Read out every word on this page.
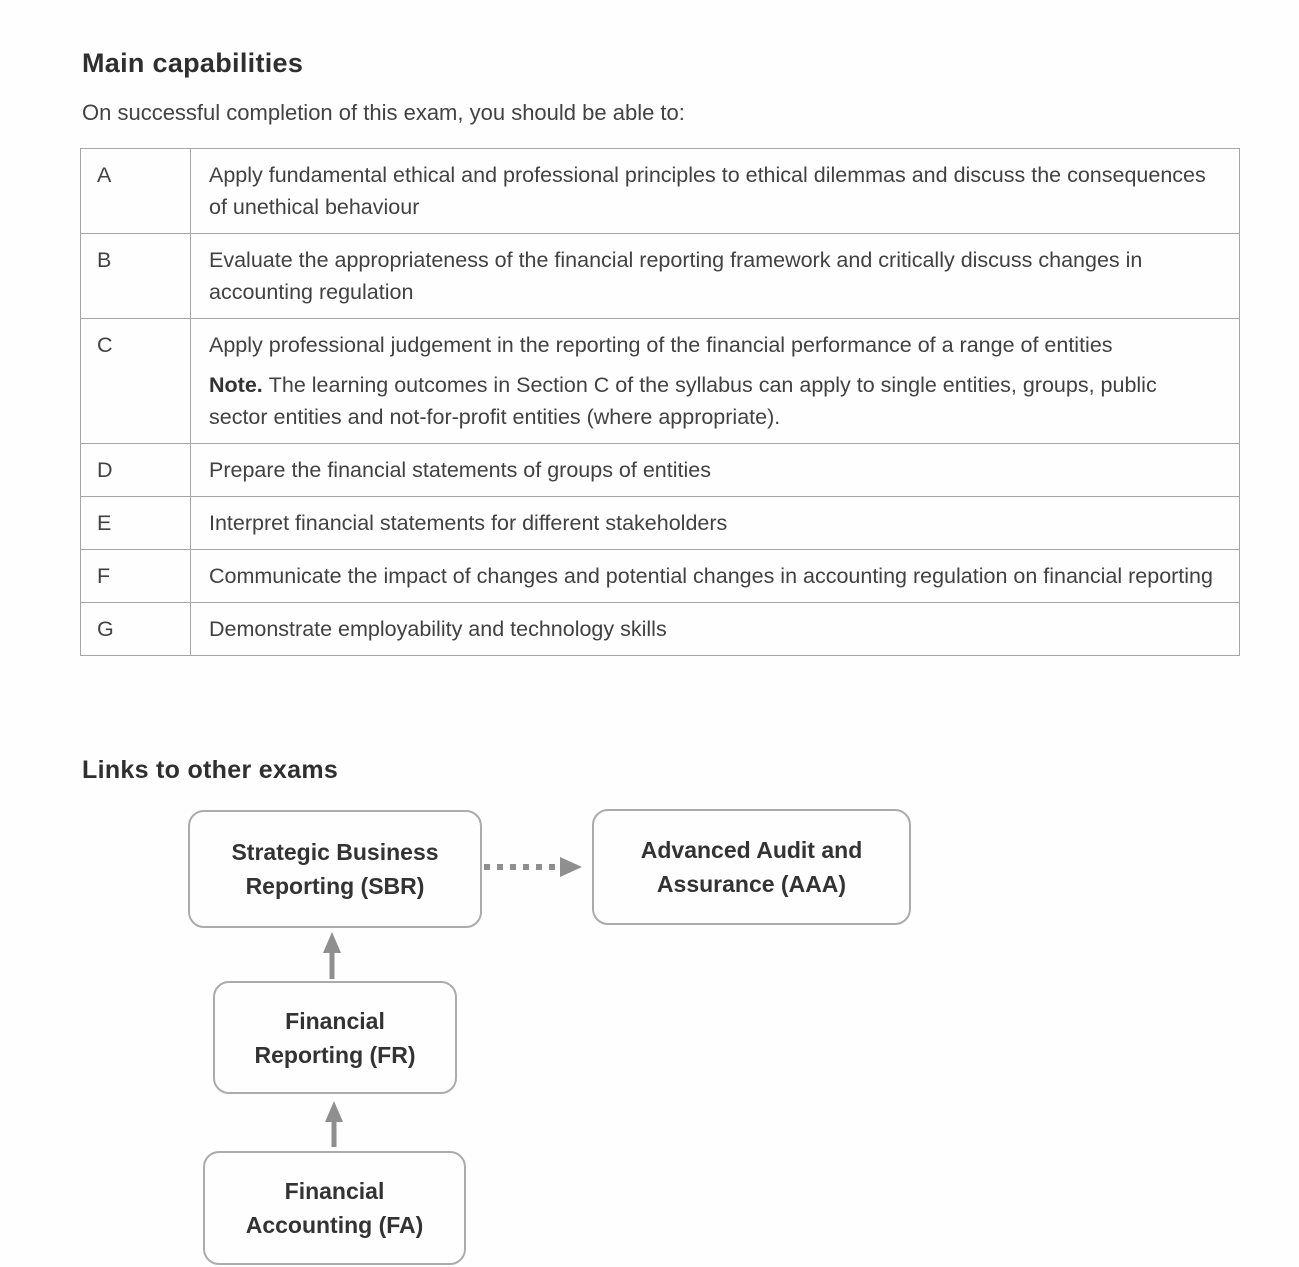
Main capabilities
On successful completion of this exam, you should be able to:
A	Apply fundamental ethical and professional principles to ethical dilemmas and discuss the consequences of unethical behaviour

B	Evaluate the appropriateness of the financial reporting framework and critically discuss changes in accounting regulation

C	Apply professional judgement in the reporting of the financial performance of a range of entities

Note. The learning outcomes in Section C of the syllabus can apply to single entities, groups, public sector entities and not-for-profit entities (where appropriate).

D	Prepare the financial statements of groups of entities

E	Interpret financial statements for different stakeholders

F	Communicate the impact of changes and potential changes in accounting regulation on financial reporting

G	Demonstrate employability and technology skills

Links to other exams
Strategic Business
Reporting (SBR)
Advanced Audit and
Assurance (AAA)
Financial
Reporting (FR)
Financial
Accounting (FA)
